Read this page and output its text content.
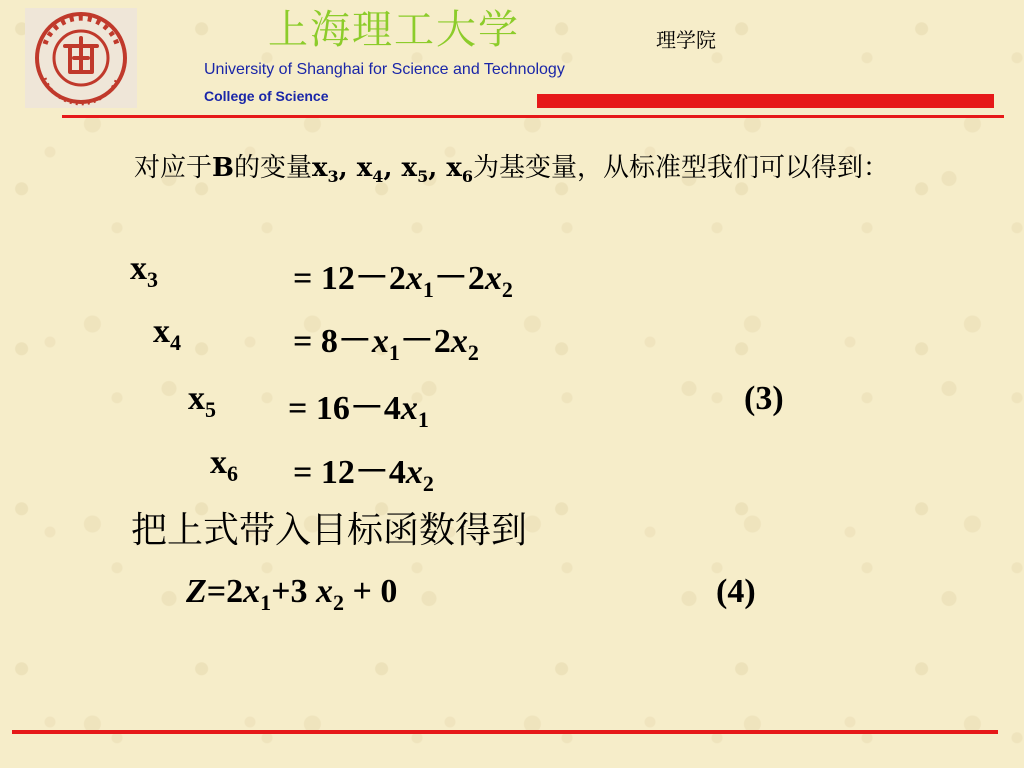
上海理工大学	理学院
University of Shanghai for Science and Technology
College of Science
对应于B的变量$x_3$, $x_4$, $x_5$, $x_6$为基变量，从标准型我们可以得到：
$x_3$	= $12-2x_1-2x_2$
$x_4$	= $8-x_1-2x_2$
$x_5 = 16-4x_1$
(3)
$x_6 = 12-4x_2$
把上式带入目标函数得到
$Z=2x_1+3$ $x_2 + 0$	(4)
